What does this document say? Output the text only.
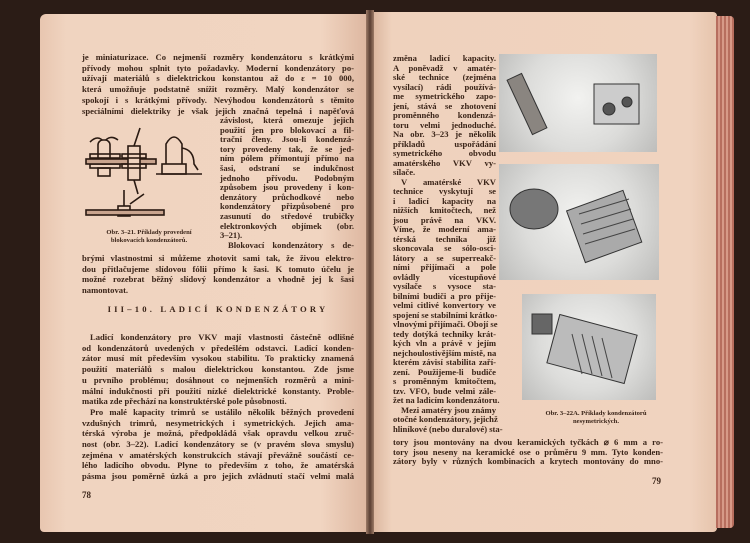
je miniaturizace. Co nejmenší rozměry kondenzátoru s krátkými
přívody mohou splnit tyto požadavky. Moderní kondenzátory po-
užívají materiálů s dielektrickou konstantou až do ε = 10 000,
která umožňuje podstatně snížit rozměry. Malý kondenzátor se
spokojí i s krátkými přívody. Nevýhodou kondenzátorů s těmito
speciálními dielektriky je však jejich značná tepelná i napěťová
závislost, která omezuje jejich
použití jen pro blokovací a fil-
trační členy. Jsou-li kondenzá-
tory provedeny tak, že se jed-
ním pólem přímontují přímo na
šasi, odstraní se indukčnost
jednoho přívodu. Podobným
způsobem jsou provedeny i kon-
denzátory průchodkové nebo
kondenzátory přizpůsobené pro
zasunutí do středové trubičky
elektronkových objímek (obr.
3–21).
Blokovací kondenzátory s de-
brými vlastnostmi si můžeme zhotovit sami tak, že živou elektro-
dou přitlačujeme slídovou fólii přímo k šasi. K tomuto účelu je
možné rozebrat běžný slídový kondenzátor a vhodně jej k šasi
namontovat.
III–10. LADICÍ KONDENZÁTORY
Ladicí kondenzátory pro VKV mají vlastnosti částečně odlišné
od kondenzátorů uvedených v předešlém odstavci. Ladicí konden-
zátor musí mít především vysokou stabilitu. To prakticky znamená
použití materiálů s malou dielektrickou konstantou. Zde jsme
u prvního problému; dosáhnout co nejmenších rozměrů a mini-
mální indukčnosti při použití nízké dielektrické konstanty. Proble-
matika zde přechází na konstruktérské pole působnosti.
Pro malé kapacity trimrů se ustálilo několik běžných provedení
vzdušných trimrů, nesymetrických i symetrických. Jejich ama-
térská výroba je možná, předpokládá však opravdu velkou zruč-
nost (obr. 3–22). Ladicí kondenzátory se (v pravém slova smyslu)
zejména v amatérských konstrukcích stávají převážně součástí ce-
lého ladicího obvodu. Plyne to především z toho, že amatérská
pásma jsou poměrně úzká a pro jejich zvládnutí stačí velmi malá
Obr. 3–21. Příklady provedení
blokovacích kondenzátorů.
78
změna ladicí kapacity.
A poněvadž v amatér-
ské technice (zejména
vysílací) rádi používá-
me symetrického zapo-
jení, stává se zhotovení
proměnného kondenzá-
toru velmi jednoduché.
Na obr. 3–23 je několik
příkladů uspořádání
symetrického obvodu
amatérského VKV vy-
sílače.
V amatérské VKV
technice vyskytují se
i ladicí kapacity na
nižších kmitočtech, než
jsou právě na VKV.
Víme, že moderní ama-
térská technika již
skoncovala se sólo-osci-
látory a se superreakč-
ními přijímači a pole
ovládly vícestupňové
vysílače s vysoce sta-
bilními budiči a pro přije-
velmi citlivé konvertory ve
spojení se stabilními krátko-
vlnovými přijímači. Obojí se
tedy dotýká techniky krát-
kých vln a právě v jejím
nejchoulostivějším místě, na
kterém závisí stabilita zaří-
zení. Použijeme-li budiče
s proměnným kmitočtem,
tzv. VFO, bude velmi zále-
žet na ladicím kondenzátoru.
Mezi amatéry jsou známy
otočné kondenzátory, jejichž
hliníkové (nebo duralové) sta-
tory jsou montovány na dvou keramických tyčkách ⌀ 6 mm a ro-
tory jsou neseny na keramické ose o průměru 9 mm. Tyto konden-
zátory byly v různých kombinacích a krytech montovány do mno-
Obr. 3–22A. Příklady kondenzátorů
nesymetrických.
79
